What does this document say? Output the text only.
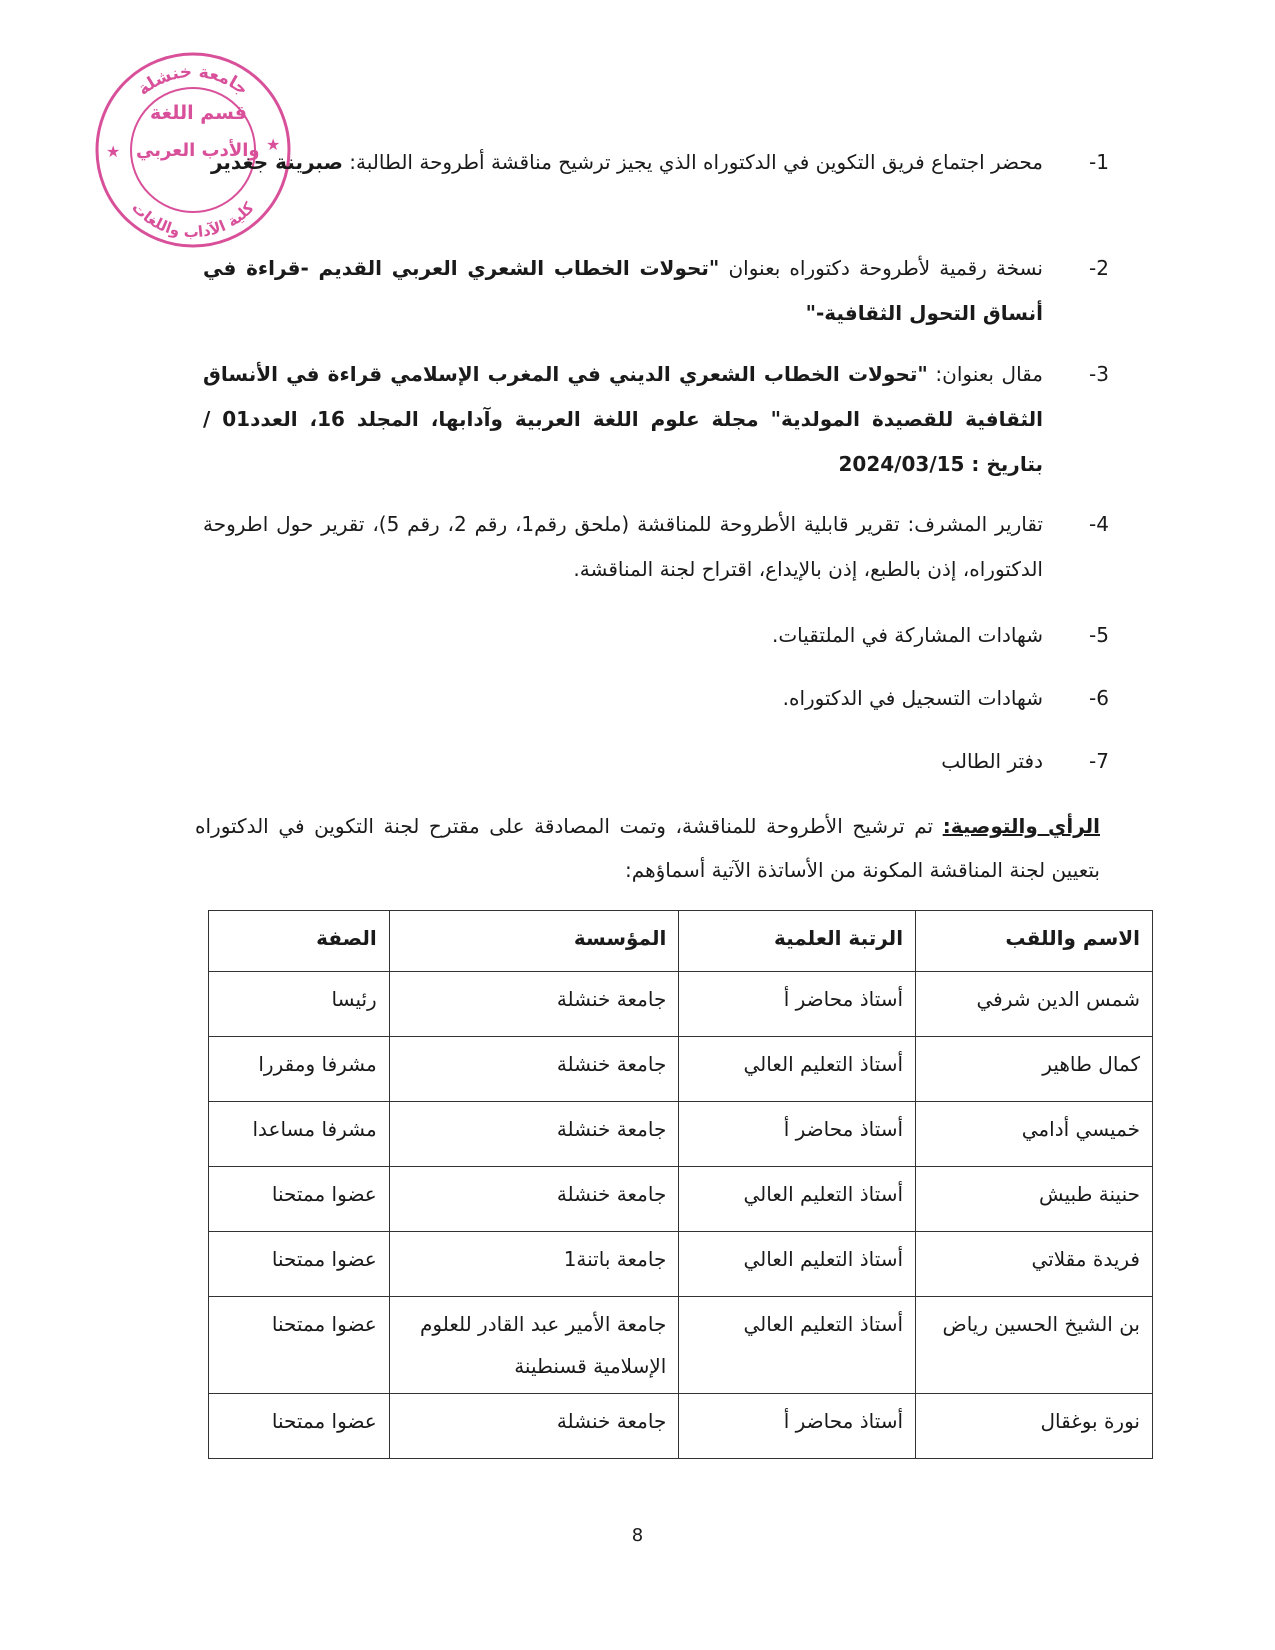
جامعة خنشلة
كلية الآداب واللغات
★	★
قسم اللغة
والأدب العربي	-1
محضر اجتماع فريق التكوين في الدكتوراه الذي يجيز ترشيح مناقشة أطروحة الطالبة: صبرينة جغدير
-2
نسخة رقمية لأطروحة دكتوراه بعنوان "تحولات الخطاب الشعري العربي القديم -قراءة في أنساق التحول الثقافية-"
-3
مقال بعنوان: "تحولات الخطاب الشعري الديني في المغرب الإسلامي قراءة في الأنساق الثقافية للقصيدة المولدية" مجلة علوم اللغة العربية وآدابها، المجلد 16، العدد01 / بتاريخ : 2024/03/15
-4
تقارير المشرف: تقرير قابلية الأطروحة للمناقشة (ملحق رقم1، رقم 2، رقم 5)، تقرير حول اطروحة الدكتوراه، إذن بالطبع، إذن بالإيداع، اقتراح لجنة المناقشة.
-5
شهادات المشاركة في الملتقيات.
-6
شهادات التسجيل في الدكتوراه.
-7
دفتر الطالب
الرأي والتوصية: تم ترشيح الأطروحة للمناقشة، وتمت المصادقة على مقترح لجنة التكوين في الدكتوراه بتعيين لجنة المناقشة المكونة من الأساتذة الآتية أسماؤهم:
الاسم واللقب	الرتبة العلمية	المؤسسة	الصفة
شمس الدين شرفي	أستاذ محاضر أ	جامعة خنشلة	رئيسا
كمال طاهير	أستاذ التعليم العالي	جامعة خنشلة	مشرفا ومقررا
خميسي أدامي	أستاذ محاضر أ	جامعة خنشلة	مشرفا مساعدا
حنينة طبيش	أستاذ التعليم العالي	جامعة خنشلة	عضوا ممتحنا
فريدة مقلاتي	أستاذ التعليم العالي	جامعة باتنة1	عضوا ممتحنا
بن الشيخ الحسين رياض	أستاذ التعليم العالي	جامعة الأمير عبد القادر للعلوم الإسلامية قسنطينة	عضوا ممتحنا
نورة بوغقال	أستاذ محاضر أ	جامعة خنشلة	عضوا ممتحنا
8
